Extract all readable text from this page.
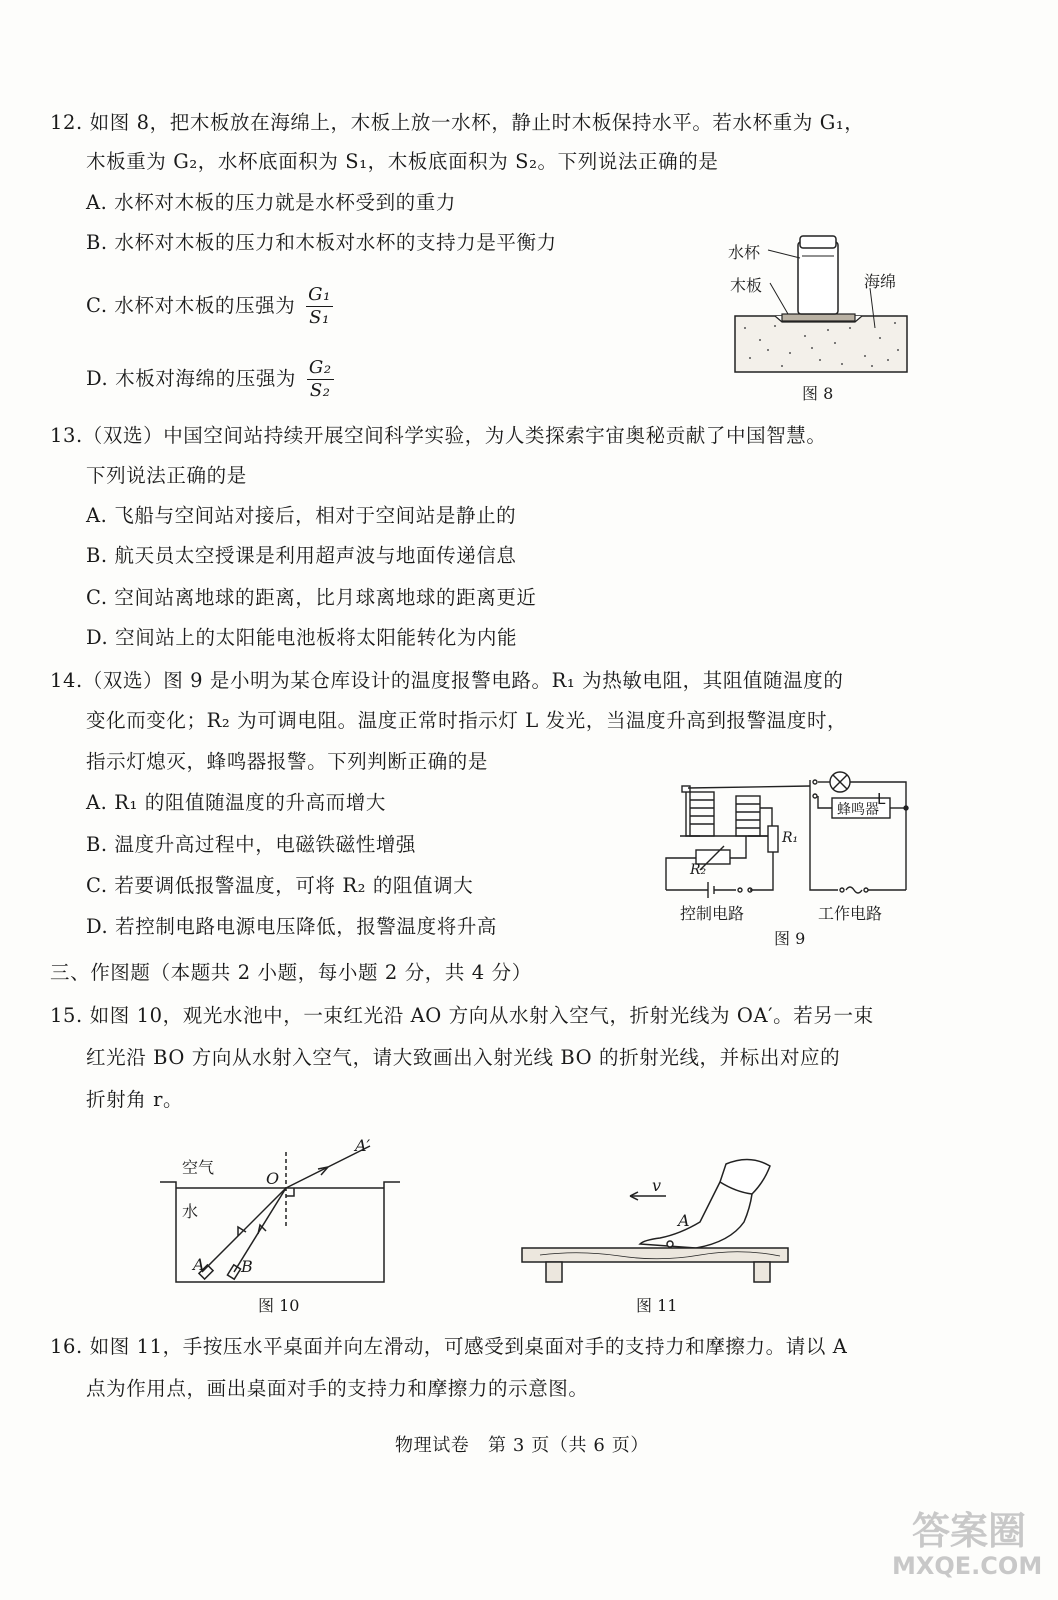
12. 如图 8，把木板放在海绵上，木板上放一水杯，静止时木板保持水平。若水杯重为 G₁，
木板重为 G₂，水杯底面积为 S₁，木板底面积为 S₂。下列说法正确的是
A. 水杯对木板的压力就是水杯受到的重力
B. 水杯对木板的压力和木板对水杯的支持力是平衡力
C. 水杯对木板的压强为 $\frac{\text{G₁}}{\text{S₁}}$
D. 木板对海绵的压强为 $\frac{\text{G₂}}{\text{S₂}}$
水杯
木板	海绵
图 8
13.（双选）中国空间站持续开展空间科学实验，为人类探索宇宙奥秘贡献了中国智慧。
下列说法正确的是
A. 飞船与空间站对接后，相对于空间站是静止的
B. 航天员太空授课是利用超声波与地面传递信息
C. 空间站离地球的距离，比月球离地球的距离更近
D. 空间站上的太阳能电池板将太阳能转化为内能
14.（双选）图 9 是小明为某仓库设计的温度报警电路。R₁ 为热敏电阻，其阻值随温度的
变化而变化；R₂ 为可调电阻。温度正常时指示灯 L 发光，当温度升高到报警温度时，
指示灯熄灭，蜂鸣器报警。下列判断正确的是
A. R₁ 的阻值随温度的升高而增大
B. 温度升高过程中，电磁铁磁性增强
C. 若要调低报警温度，可将 R₂ 的阻值调大
D. 若控制电路电源电压降低，报警温度将升高
L
蜂鸣器
R₁
R₂
控制电路	工作电路
图 9
三、作图题（本题共 2 小题，每小题 2 分，共 4 分）
15. 如图 10，观光水池中，一束红光沿 AO 方向从水射入空气，折射光线为 OA′。若另一束
红光沿 BO 方向从水射入空气，请大致画出入射光线 BO 的折射光线，并标出对应的
折射角 r。
空气
水
O
A′
A B
图 10
v
A
图 11
16. 如图 11，手按压水平桌面并向左滑动，可感受到桌面对手的支持力和摩擦力。请以 A
点为作用点，画出桌面对手的支持力和摩擦力的示意图。
物理试卷　第 3 页（共 6 页）
答案圈
MXQE.COM
